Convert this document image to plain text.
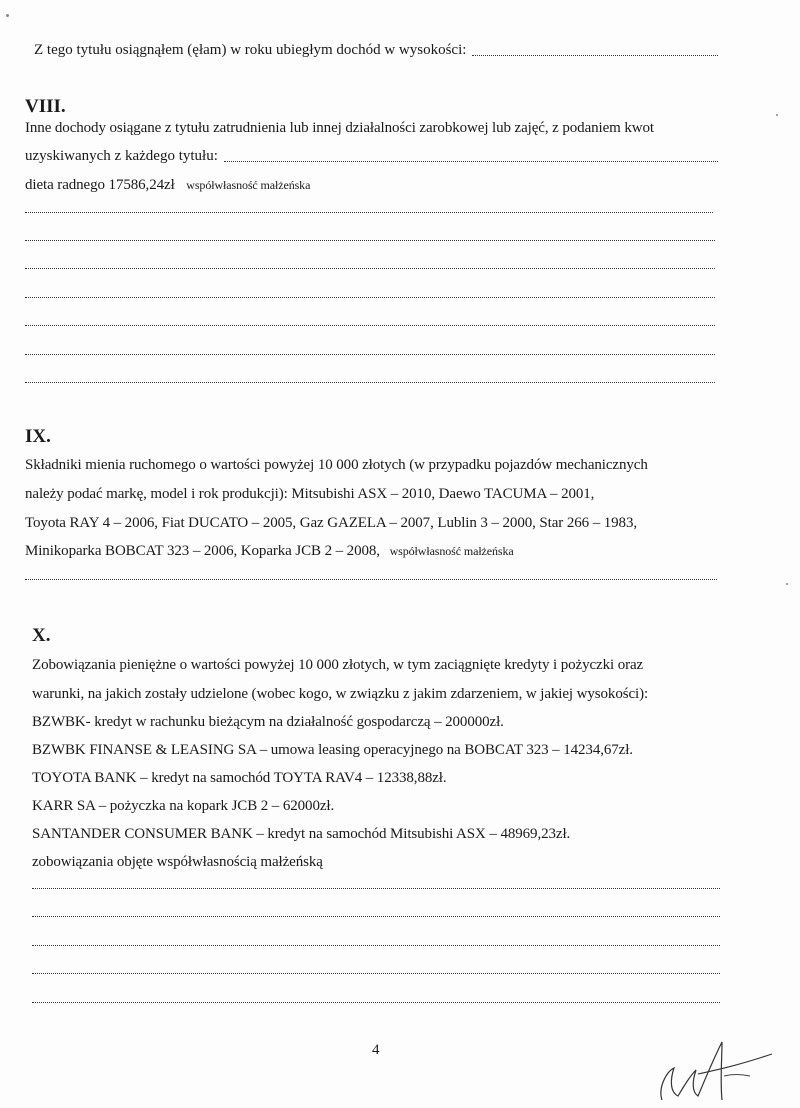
Z tego tytułu osiągnąłem (ęłam) w roku ubiegłym dochód w wysokości:
VIII.
Inne dochody osiągane z tytułu zatrudnienia lub innej działalności zarobkowej lub zajęć, z podaniem kwot
uzyskiwanych z każdego tytułu:
dieta radnego 17586,24zł współwłasność małżeńska
IX.
Składniki mienia ruchomego o wartości powyżej 10 000 złotych (w przypadku pojazdów mechanicznych
należy podać markę, model i rok produkcji): Mitsubishi ASX – 2010, Daewo TACUMA – 2001,
Toyota RAY 4 – 2006, Fiat DUCATO – 2005, Gaz GAZELA – 2007, Lublin 3 – 2000, Star 266 – 1983,
Minikoparka BOBCAT 323 – 2006, Koparka JCB 2 – 2008, współwłasność małżeńska
X.
Zobowiązania pieniężne o wartości powyżej 10 000 złotych, w tym zaciągnięte kredyty i pożyczki oraz
warunki, na jakich zostały udzielone (wobec kogo, w związku z jakim zdarzeniem, w jakiej wysokości):
BZWBK- kredyt w rachunku bieżącym na działalność gospodarczą – 200000zł.
BZWBK FINANSE & LEASING SA – umowa leasing operacyjnego na BOBCAT 323 – 14234,67zł.
TOYOTA BANK – kredyt na samochód TOYTA RAV4 – 12338,88zł.
KARR SA – pożyczka na kopark JCB 2 – 62000zł.
SANTANDER CONSUMER BANK – kredyt na samochód Mitsubishi ASX – 48969,23zł.
zobowiązania objęte współwłasnością małżeńską
4
